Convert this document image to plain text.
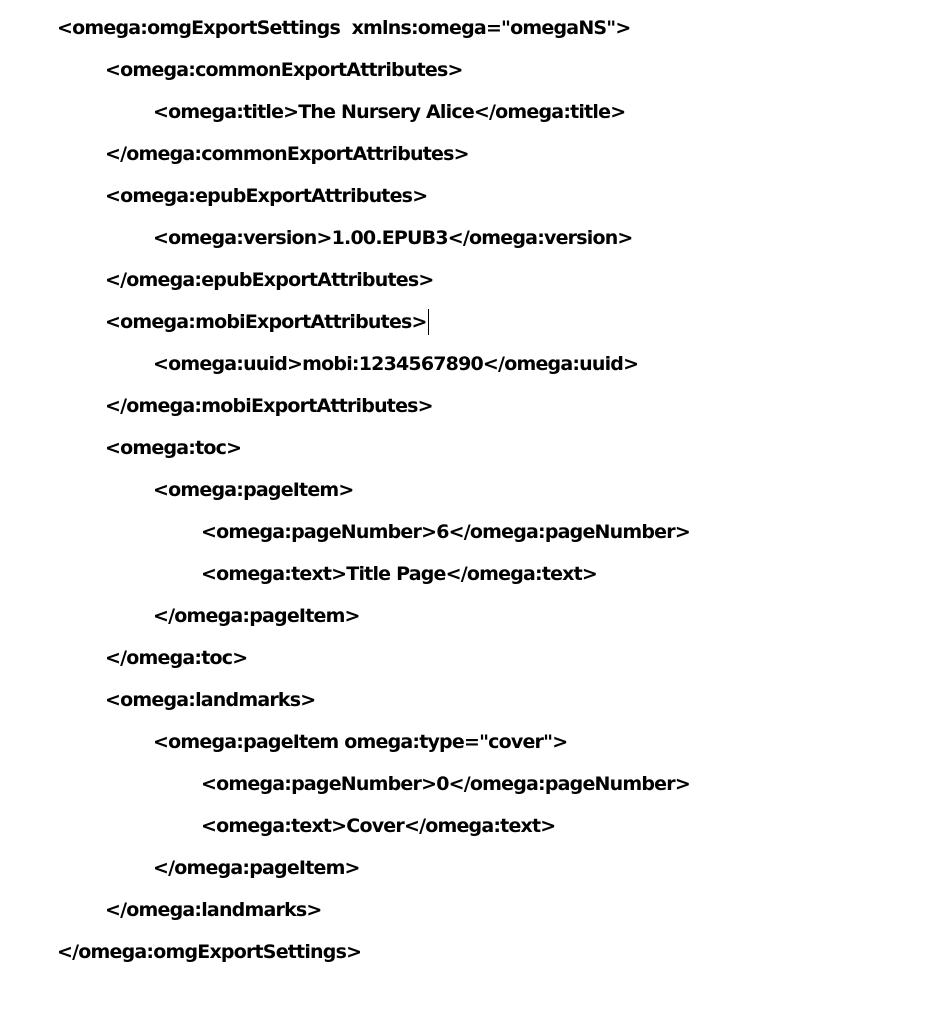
<omega:omgExportSettings  xmlns:omega="omegaNS">
<omega:commonExportAttributes>
<omega:title>The Nursery Alice</omega:title>
</omega:commonExportAttributes>
<omega:epubExportAttributes>
<omega:version>1.00.EPUB3</omega:version>
</omega:epubExportAttributes>
<omega:mobiExportAttributes>
<omega:uuid>mobi:1234567890</omega:uuid>
</omega:mobiExportAttributes>
<omega:toc>
<omega:pageItem>
<omega:pageNumber>6</omega:pageNumber>
<omega:text>Title Page</omega:text>
</omega:pageItem>
</omega:toc>
<omega:landmarks>
<omega:pageItem omega:type="cover">
<omega:pageNumber>0</omega:pageNumber>
<omega:text>Cover</omega:text>
</omega:pageItem>
</omega:landmarks>
</omega:omgExportSettings>
